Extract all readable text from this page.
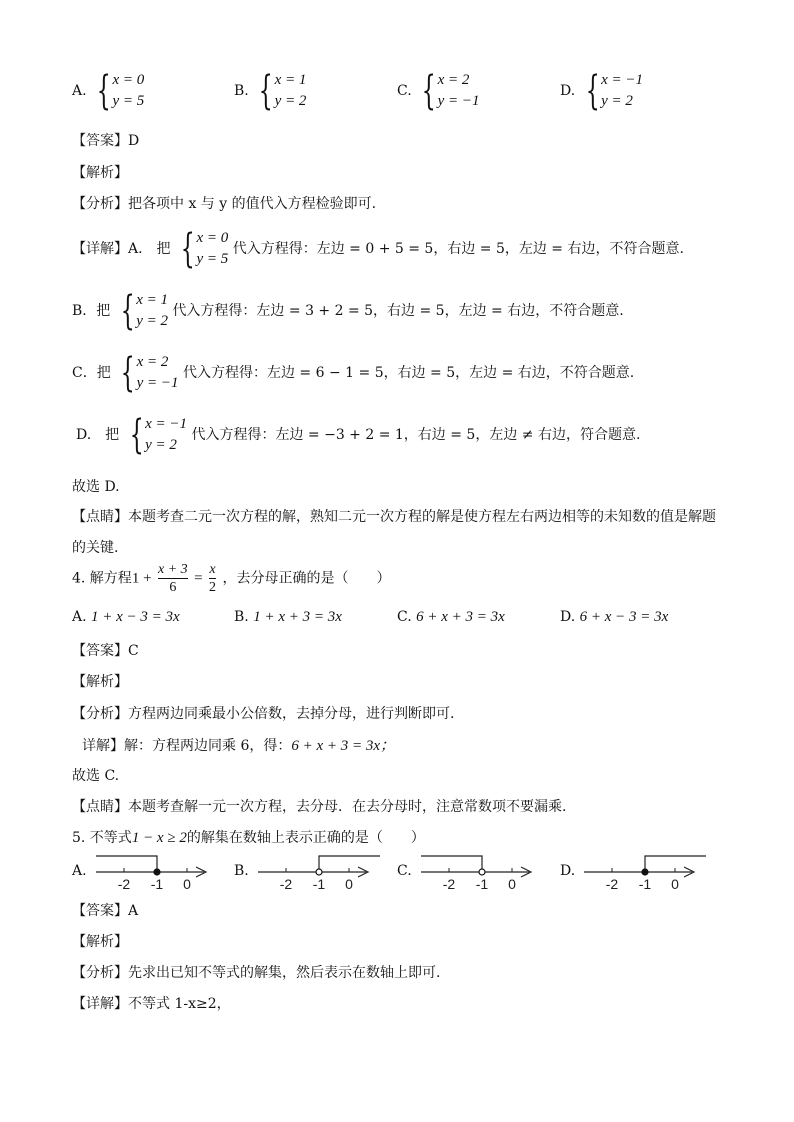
A. { x = 0
y = 5
B. { x = 1
y = 2
C. { x = 2
y = −1
D. { x = −1
y = 2
【答案】D
【解析】
【分析】把各项中 x 与 y 的值代入方程检验即可.
【详解】A.　把 { x = 0
y = 5
代入方程得：左边 = 0 + 5 = 5，右边 = 5，左边 = 右边，不符合题意.
B．把 { x = 1
y = 2
代入方程得：左边 = 3 + 2 = 5，右边 = 5，左边 = 右边，不符合题意.
C．把 { x = 2
y = −1
代入方程得：左边 = 6 − 1 = 5，右边 = 5，左边 = 右边，不符合题意.
D.　把 { x = −1
y = 2
代入方程得：左边 = −3 + 2 = 1，右边 = 5，左边 ≠ 右边，符合题意.
故选 D.
【点睛】本题考查二元一次方程的解，熟知二元一次方程的解是使方程左右两边相等的未知数的值是解题
的关键.
4. 解方程$1 + \frac{x + 3}{6} = \frac{x}{2}$ ，去分母正确的是（　　）
A. 1 + x − 3 = 3x	B. 1 + x + 3 = 3x	C. 6 + x + 3 = 3x	D. 6 + x − 3 = 3x
【答案】C
【解析】
【分析】方程两边同乘最小公倍数，去掉分母，进行判断即可.
详解】解：方程两边同乘 6，得：6 + x + 3 = 3x；
故选 C.
【点睛】本题考查解一元一次方程，去分母．在去分母时，注意常数项不要漏乘.
5. 不等式1 − x ≥ 2的解集在数轴上表示正确的是（　　）
A.
-2 -1 0
B.
-2 -1 0
C.
-2 -1 0
D.
-2 -1 0
【答案】A
【解析】
【分析】先求出已知不等式的解集，然后表示在数轴上即可.
【详解】不等式 1-x≥2，
